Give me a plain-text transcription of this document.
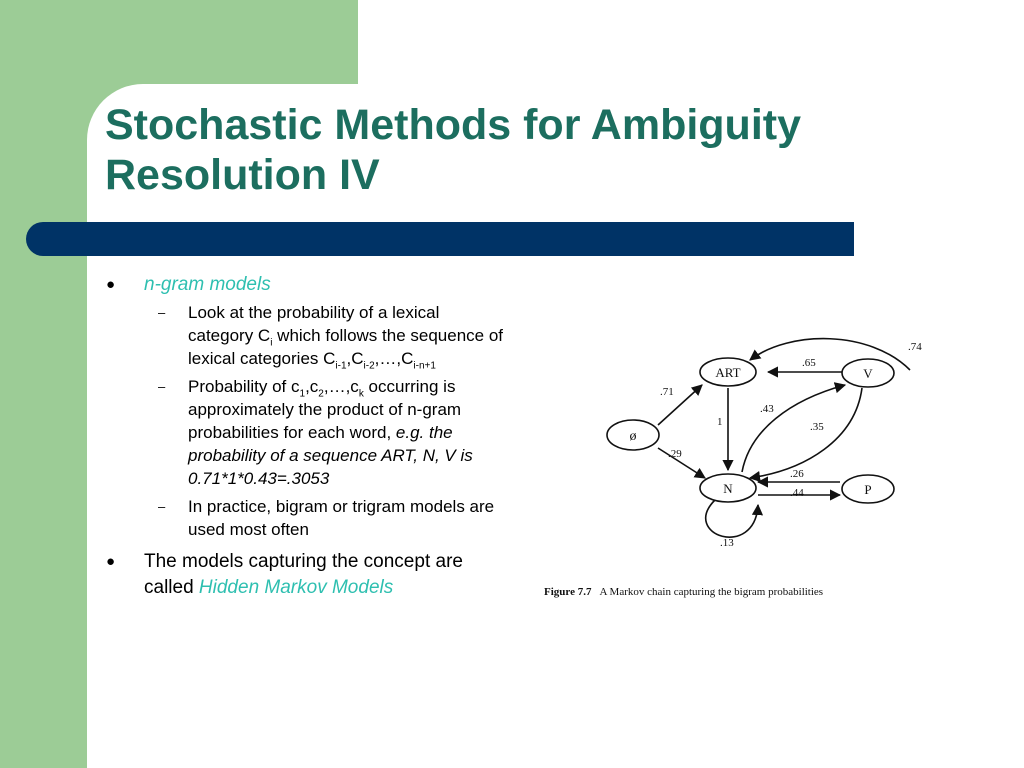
Stochastic Methods for Ambiguity
Resolution IV
● n-gram models
– Look at the probability of a lexical category $C_i$ which follows the sequence of lexical categories $C_{i-1},C_{i-2},\dots,C_{i-n+1}$
– Probability of $c_1,c_2,\dots,c_k$ occurring is approximately the product of n-gram probabilities for each word, e.g. the probability of a sequence ART, N, V is 0.71*1*0.43=.3053
– In practice, bigram or trigram models are used most often
● The models capturing the concept are called Hidden Markov Models
ART	V
ø
N	P
.74
.65
.71
1
.43
.35
.29
.26
.44
.13
Figure 7.7 A Markov chain capturing the bigram probabilities
